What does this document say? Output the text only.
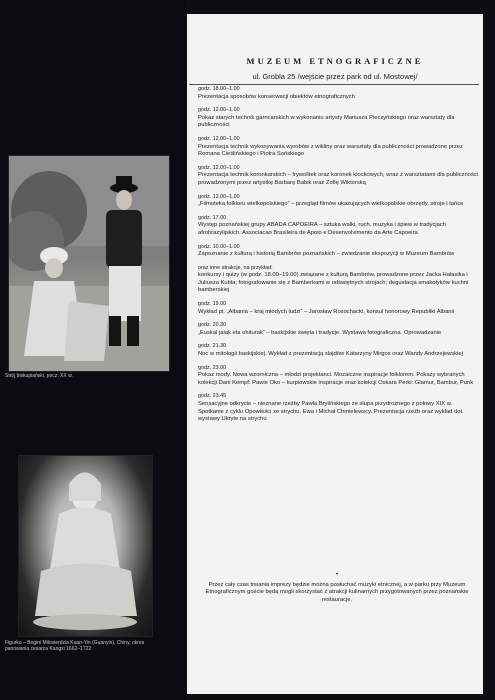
Strój biskupiański, pocz. XX w.
Figurka – Bogini Miłosierdzia Kuan-Yin (Guanyin), Chiny, okres panowania cesarza Kangxi 1662–1722
MUZEUM ETNOGRAFICZNE
ul. Grobla 25 /wejście przez park od ul. Mostowej/
godz. 18.00–1.00
Prezentacja sposobów konserwacji obiektów etnograficznych
godz. 12.00–1.00
Pokaz starych technik garncarskich w wykonaniu artysty Mariusza Pieczyńskiego oraz warsztaty dla publiczności
godz. 12.00–1.00
Prezentacja technik wykonywania wyrobów z wikliny oraz warsztaty dla publiczności prowadzone przez Romana Cieślińskiego i Piotra Sońskiego
godz. 12.00–1.00
Prezentacja technik koronkarskich – frywolitek oraz koronek klockowych, wraz z warsztatami dla publiczności prowadzonymi przez artystkę Barbarę Babik oraz Zofię Wiktorską
godz. 12.00–1.00
„Filmoteka folkloru wielkopolskiego” – przegląd filmów ukazujących wielkopolskie obrzędy, stroje i tańce
godz. 17.00
Występ poznańskiej grupy ABADA CAPOEIRA – sztuka walki, ruch, muzyka i śpiew w tradycjach afrobrazylijskich. Associacao Brasileira de Apoio e Desenvolvimento da Arte Capoeira
godz. 10.00–1.00
Zapoznanie z kulturą i historią Bambrów poznańskich – zwiedzanie ekspozycji w Muzeum Bambrów
oraz inne atrakcje, na przykład:
konkursy i quizy (w godz. 18.00–19.00) związane z kulturą Bambrów, prowadzone przez Jacka Hałasika i Juliusza Kubla; fotografowanie się z Bamberkami w odświętnych strojach; degustacja smakołyków kuchni bamberskiej
godz. 19.00
Wykład pt. „Albania – kraj młodych ludzi” – Jarosław Rosochacki, konsul honorowy Republiki Albanii
godz. 20.30
„Euskal jaiak eta ohiturak” – baskijskie święta i tradycje. Wystawa fotograficzna. Oprowadzanie
godz. 21.30
Noc w mitologii baskijskiej. Wykład z prezentacją slajdów Katarzyny Mirgos oraz Wandy Andrzejewskiej
godz. 23.00
Pokaz mody. Nowa wzorniczna – młodzi projektanci. Mozaiczne inspiracje folklorem. Pokazy wybranych kolekcji Darii Kempf: Pawie Oko – kurpiowskie inspiracje oraz kolekcji Oskara Perki: Glamur, Bambur, Punk
godz. 23.45
Sensacyjne odkrycie – nieznane rzeźby Pawła Brylińskiego ze słupa przydrożnego z połowy XIX w. Spotkanie z cyklu Opowieści ze strychu. Ewa i Michał Chmielewscy. Prezentacja rzeźb oraz wykład dot. wystawy Ukryte na strychu
•
Przez cały czas trwania imprezy będzie można posłuchać muzyki etnicznej, a w parku przy Muzeum Etnograficznym goście będą mogli skorzystać z atrakcji kulinarnych przygotowanych przez poznańskie restauracje.
